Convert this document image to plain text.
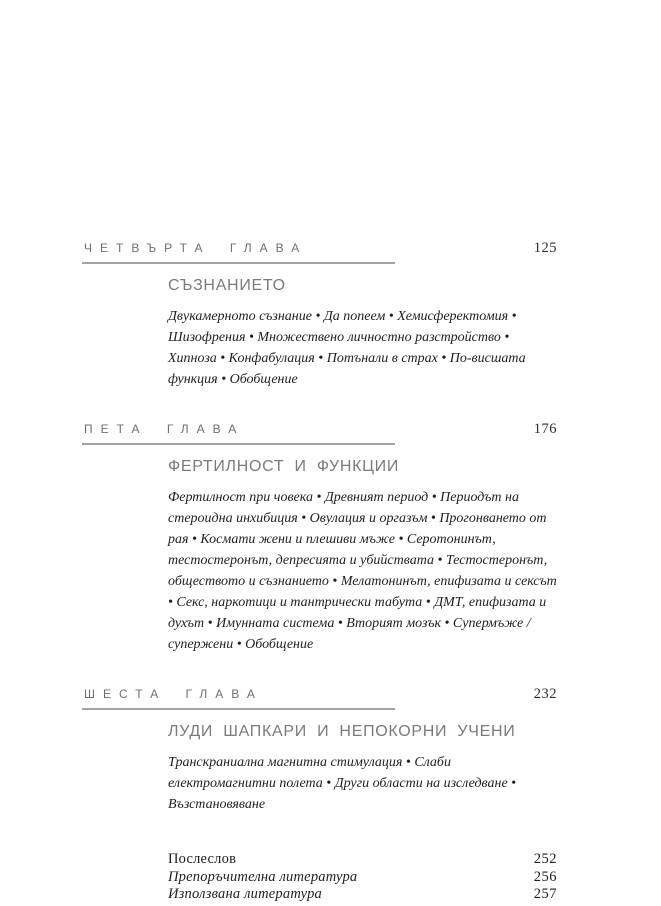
ЧЕТВЪРТА ГЛАВА	125
СЪЗНАНИЕТО
Двукамерното съзнание • Да попеем • Хемисферектомия • Шизофрения • Множествено личностно разстройство • Хипноза • Конфабулация • Потънали в страх • По-висшата функция • Обобщение
ПЕТА ГЛАВА	176
ФЕРТИЛНОСТ И ФУНКЦИИ
Фертилност при човека • Древният период • Периодът на стероидна инхибиция • Овулация и оргазъм • Прогонването от рая • Космати жени и плешиви мъже • Серотонинът, тестостеронът, депресията и убийствата • Тестостеронът, обществото и съзнанието • Мелатонинът, епифизата и сексът • Секс, наркотици и тантрически табута • ДМТ, епифизата и духът • Имунната система • Вторият мозък • Супермъже / супержени • Обобщение
ШЕСТА ГЛАВА	232
ЛУДИ ШАПКАРИ И НЕПОКОРНИ УЧЕНИ
Транскраниална магнитна стимулация • Слаби електромагнитни полета • Други области на изследване • Възстановяване
Послеслов	252
Препоръчителна литература	256
Използвана литература	257
